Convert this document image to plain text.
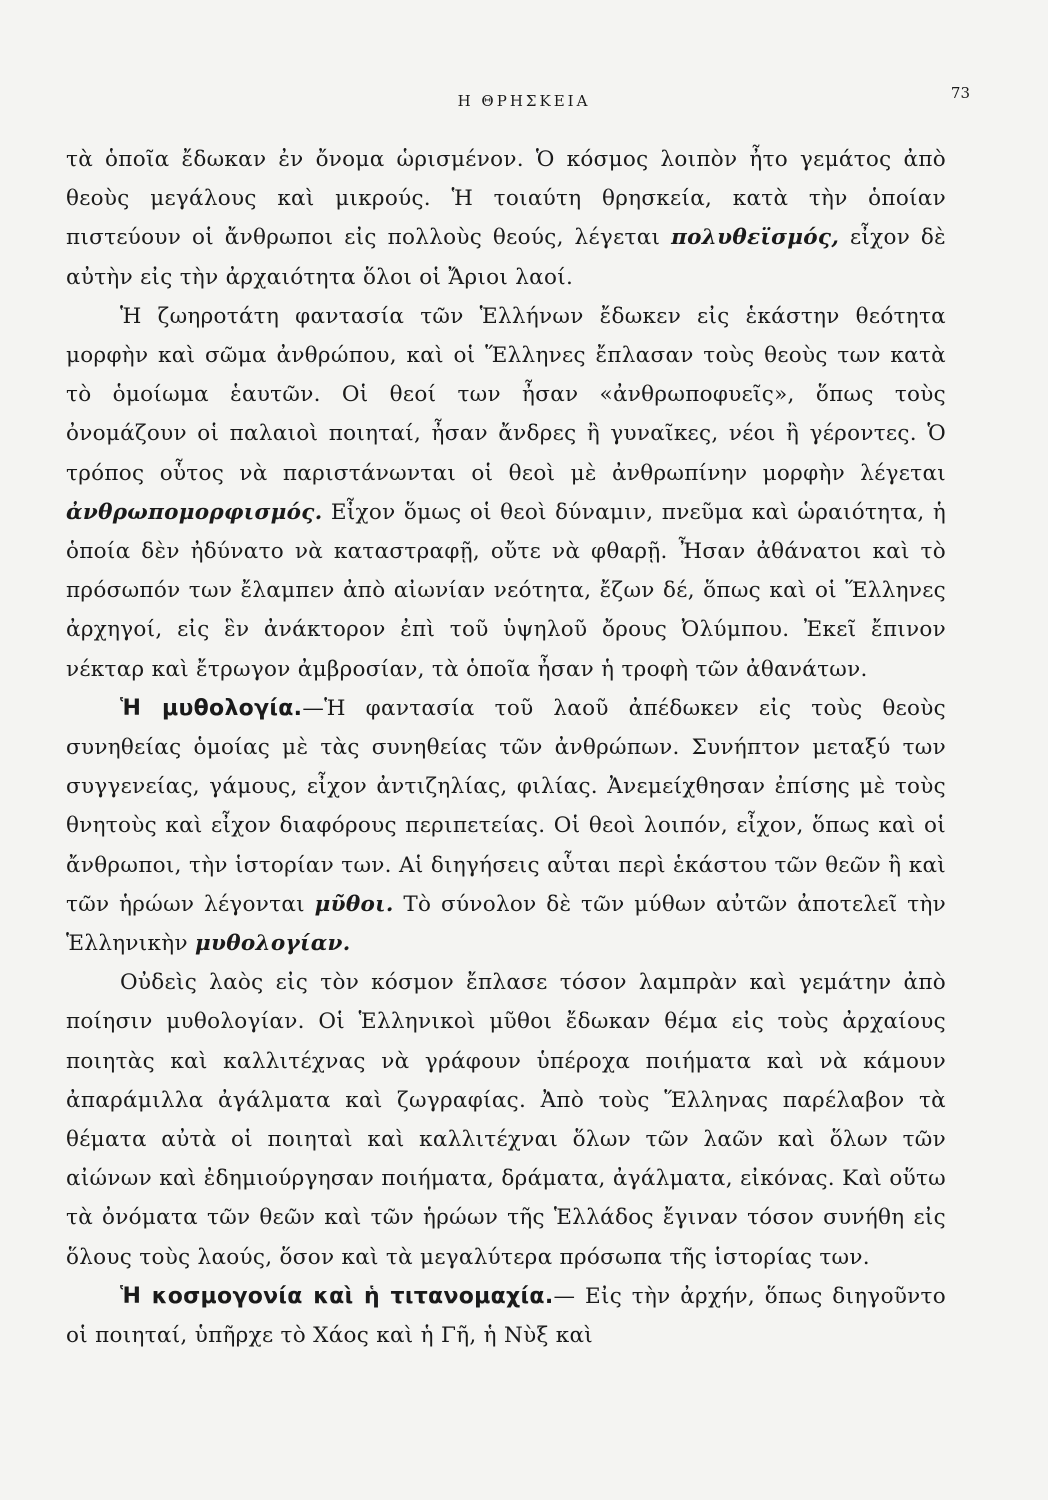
Η ΘΡΗΣΚΕΙΑ	73

τὰ ὁποῖα ἔδωκαν ἐν ὄνομα ὡρισμένον. Ὁ κόσμος λοιπὸν ἦτο γεμάτος ἀπὸ θεοὺς μεγάλους καὶ μικρούς. Ἡ τοιαύτη θρησκεία, κατὰ τὴν ὁποίαν πιστεύουν οἱ ἄνθρωποι εἰς πολλοὺς θεούς, λέγεται πολυθεϊσμός, εἶχον δὲ αὐτὴν εἰς τὴν ἀρχαιότητα ὅλοι οἱ Ἄριοι λαοί.

Ἡ ζωηροτάτη φαντασία τῶν Ἑλλήνων ἔδωκεν εἰς ἑκάστην θεότητα μορφὴν καὶ σῶμα ἀνθρώπου, καὶ οἱ Ἕλληνες ἔπλασαν τοὺς θεοὺς των κατὰ τὸ ὁμοίωμα ἑαυτῶν. Οἱ θεοί των ἦσαν «ἀνθρωποφυεῖς», ὅπως τοὺς ὀνομάζουν οἱ παλαιοὶ ποιηταί, ἦσαν ἄνδρες ἢ γυναῖκες, νέοι ἢ γέροντες. Ὁ τρόπος οὗτος νὰ παριστάνωνται οἱ θεοὶ μὲ ἀνθρωπίνην μορφὴν λέγεται ἀνθρωπομορφισμός. Εἶχον ὅμως οἱ θεοὶ δύναμιν, πνεῦμα καὶ ὡραιότητα, ἡ ὁποία δὲν ἠδύνατο νὰ καταστραφῇ, οὔτε νὰ φθαρῇ. Ἦσαν ἀθάνατοι καὶ τὸ πρόσωπόν των ἔλαμπεν ἀπὸ αἰωνίαν νεότητα, ἔζων δέ, ὅπως καὶ οἱ Ἕλληνες ἀρχηγοί, εἰς ἓν ἀνάκτορον ἐπὶ τοῦ ὑψηλοῦ ὄρους Ὀλύμπου. Ἐκεῖ ἔπινον νέκταρ καὶ ἔτρωγον ἀμβροσίαν, τὰ ὁποῖα ἦσαν ἡ τροφὴ τῶν ἀθανάτων.

Ἡ μυθολογία.—Ἡ φαντασία τοῦ λαοῦ ἀπέδωκεν εἰς τοὺς θεοὺς συνηθείας ὁμοίας μὲ τὰς συνηθείας τῶν ἀνθρώπων. Συνήπτον μεταξύ των συγγενείας, γάμους, εἶχον ἀντιζηλίας, φιλίας. Ἀνεμείχθησαν ἐπίσης μὲ τοὺς θνητοὺς καὶ εἶχον διαφόρους περιπετείας. Οἱ θεοὶ λοιπόν, εἶχον, ὅπως καὶ οἱ ἄνθρωποι, τὴν ἱστορίαν των. Αἱ διηγήσεις αὗται περὶ ἑκάστου τῶν θεῶν ἢ καὶ τῶν ἡρώων λέγονται μῦθοι. Τὸ σύνολον δὲ τῶν μύθων αὐτῶν ἀποτελεῖ τὴν Ἑλληνικὴν μυθολογίαν.

Οὐδεὶς λαὸς εἰς τὸν κόσμον ἔπλασε τόσον λαμπρὰν καὶ γεμάτην ἀπὸ ποίησιν μυθολογίαν. Οἱ Ἑλληνικοὶ μῦθοι ἔδωκαν θέμα εἰς τοὺς ἀρχαίους ποιητὰς καὶ καλλιτέχνας νὰ γράφουν ὑπέροχα ποιήματα καὶ νὰ κάμουν ἀπαράμιλλα ἀγάλματα καὶ ζωγραφίας. Ἀπὸ τοὺς Ἕλληνας παρέλαβον τὰ θέματα αὐτὰ οἱ ποιηταὶ καὶ καλλιτέχναι ὅλων τῶν λαῶν καὶ ὅλων τῶν αἰώνων καὶ ἐδημιούργησαν ποιήματα, δράματα, ἀγάλματα, εἰκόνας. Καὶ οὕτω τὰ ὀνόματα τῶν θεῶν καὶ τῶν ἡρώων τῆς Ἑλλάδος ἔγιναν τόσον συνήθη εἰς ὅλους τοὺς λαούς, ὅσον καὶ τὰ μεγαλύτερα πρόσωπα τῆς ἱστορίας των.

Ἡ κοσμογονία καὶ ἡ τιτανομαχία.— Εἰς τὴν ἀρχήν, ὅπως διηγοῦντο οἱ ποιηταί, ὑπῆρχε τὸ Χάος καὶ ἡ Γῆ, ἡ Νὺξ καὶ
